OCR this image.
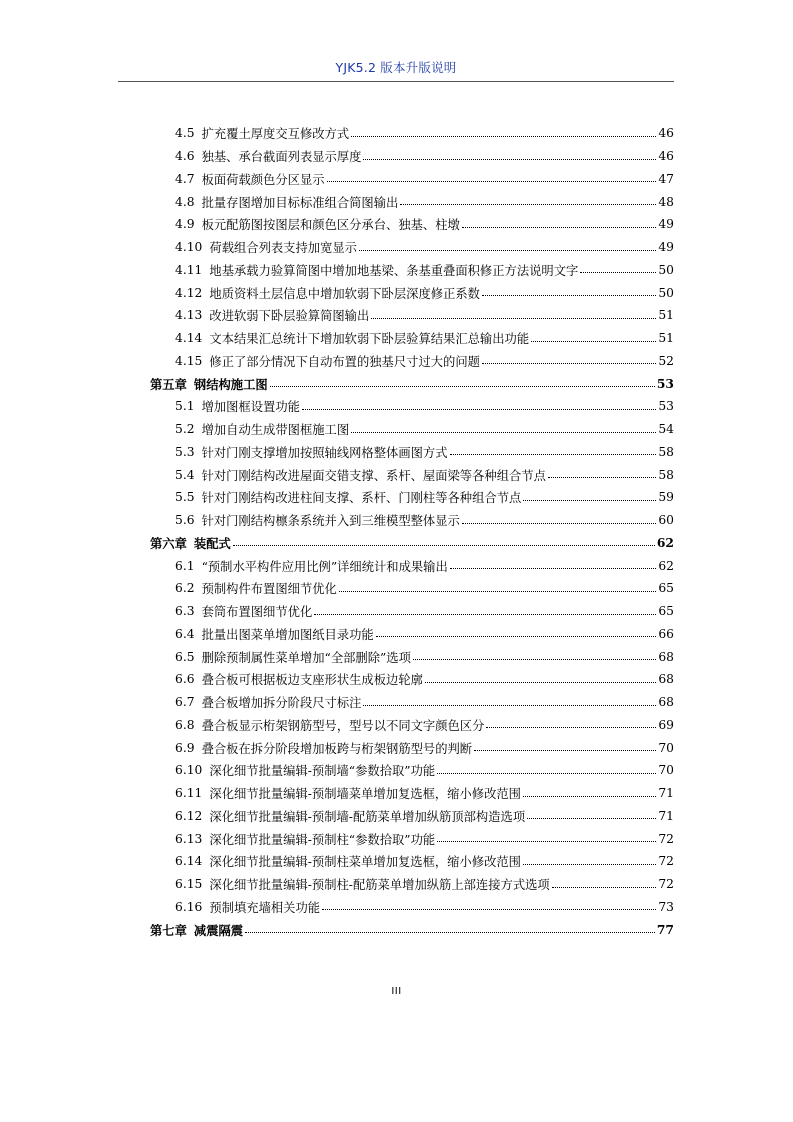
YJK5.2 版本升版说明
4.5 扩充覆土厚度交互修改方式	46
4.6 独基、承台截面列表显示厚度	46
4.7 板面荷载颜色分区显示	47
4.8 批量存图增加目标标准组合简图输出	48
4.9 板元配筋图按图层和颜色区分承台、独基、柱墩	49
4.10 荷载组合列表支持加宽显示	49
4.11 地基承载力验算简图中增加地基梁、条基重叠面积修正方法说明文字	50
4.12 地质资料土层信息中增加软弱下卧层深度修正系数	50
4.13 改进软弱下卧层验算简图输出	51
4.14 文本结果汇总统计下增加软弱下卧层验算结果汇总输出功能	51
4.15 修正了部分情况下自动布置的独基尺寸过大的问题	52
第五章 钢结构施工图	53
5.1 增加图框设置功能	53
5.2 增加自动生成带图框施工图	54
5.3 针对门刚支撑增加按照轴线网格整体画图方式	58
5.4 针对门刚结构改进屋面交错支撑、系杆、屋面梁等各种组合节点	58
5.5 针对门刚结构改进柱间支撑、系杆、门刚柱等各种组合节点	59
5.6 针对门刚结构檩条系统并入到三维模型整体显示	60
第六章 装配式	62
6.1 “预制水平构件应用比例”详细统计和成果输出	62
6.2 预制构件布置图细节优化	65
6.3 套筒布置图细节优化	65
6.4 批量出图菜单增加图纸目录功能	66
6.5 删除预制属性菜单增加“全部删除”选项	68
6.6 叠合板可根据板边支座形状生成板边轮廓	68
6.7 叠合板增加拆分阶段尺寸标注	68
6.8 叠合板显示桁架钢筋型号，型号以不同文字颜色区分	69
6.9 叠合板在拆分阶段增加板跨与桁架钢筋型号的判断	70
6.10 深化细节批量编辑-预制墙“参数拾取”功能	70
6.11 深化细节批量编辑-预制墙菜单增加复选框，缩小修改范围	71
6.12 深化细节批量编辑-预制墙-配筋菜单增加纵筋顶部构造选项	71
6.13 深化细节批量编辑-预制柱“参数拾取”功能	72
6.14 深化细节批量编辑-预制柱菜单增加复选框，缩小修改范围	72
6.15 深化细节批量编辑-预制柱-配筋菜单增加纵筋上部连接方式选项	72
6.16 预制填充墙相关功能	73
第七章 减震隔震	77
III
